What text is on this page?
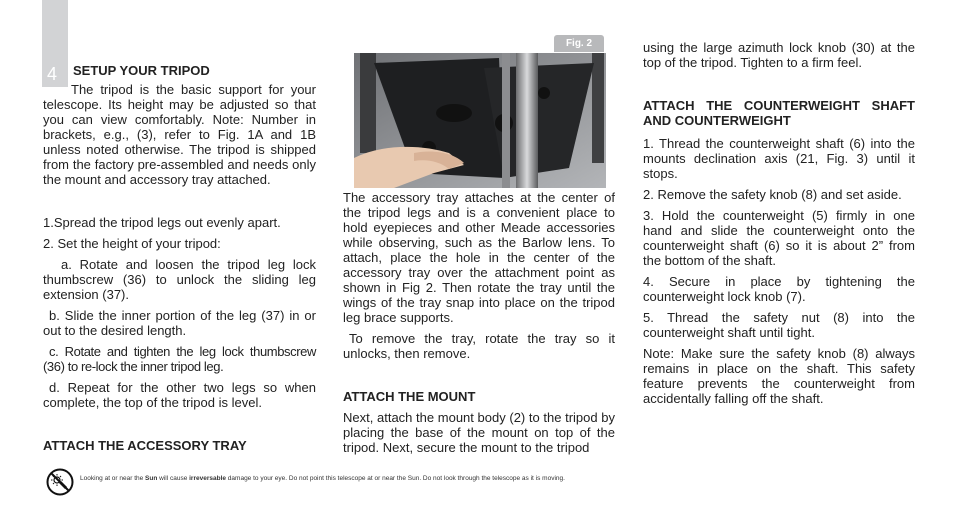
4 SETUP YOUR TRIPOD

The tripod is the basic support for your telescope. Its height may be adjusted so that you can view comfortably. Note: Number in brackets, e.g., (3), refer to Fig. 1A and 1B unless noted otherwise. The tripod is shipped from the factory pre-assembled and needs only the mount and accessory tray attached.

1.Spread the tripod legs out evenly apart.

2. Set the height of your tripod:

a. Rotate and loosen the tripod leg lock thumbscrew (36) to unlock the sliding leg extension (37).

b. Slide the inner portion of the leg (37) in or out to the desired length.

c. Rotate and tighten the leg lock thumbscrew (36) to re-lock the inner tripod leg.

d. Repeat for the other two legs so when complete, the top of the tripod is level.

ATTACH THE ACCESSORY TRAY

Fig. 2

The accessory tray attaches at the center of the tripod legs and is a convenient place to hold eyepieces and other Meade accessories while observing, such as the Barlow lens. To attach, place the hole in the center of the accessory tray over the attachment point as shown in Fig 2. Then rotate the tray until the wings of the tray snap into place on the tripod leg brace supports.

To remove the tray, rotate the tray so it unlocks, then remove.

ATTACH THE MOUNT

Next, attach the mount body (2) to the tripod by placing the base of the mount on top of the tripod. Next, secure the mount to the tripod

using the large azimuth lock knob (30) at the top of the tripod. Tighten to a firm feel.

ATTACH THE COUNTERWEIGHT SHAFT AND COUNTERWEIGHT

1. Thread the counterweight shaft (6) into the mounts declination axis (21, Fig. 3) until it stops.

2. Remove the safety knob (8) and set aside.

3. Hold the counterweight (5) firmly in one hand and slide the counterweight onto the counterweight shaft (6) so it is about 2” from the bottom of the shaft.

4. Secure in place by tightening the counterweight lock knob (7).

5. Thread the safety nut (8) into the counterweight shaft until tight.

Note: Make sure the safety knob (8) always remains in place on the shaft. This safety feature prevents the counterweight from accidentally falling off the shaft.

Looking at or near the Sun will cause irreversable damage to your eye. Do not point this telescope at or near the Sun. Do not look through the telescope as it is moving.
